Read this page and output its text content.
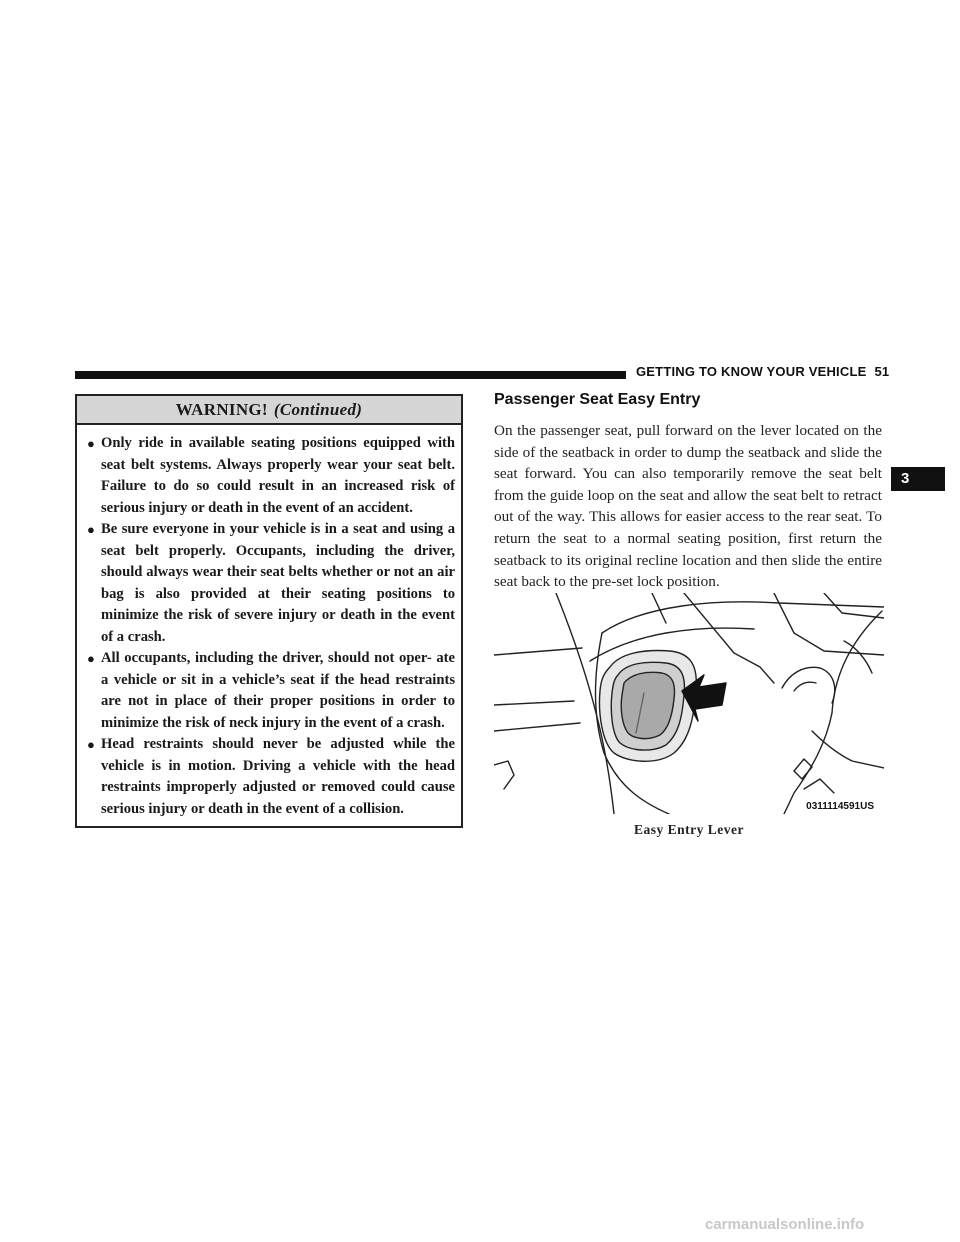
GETTING TO KNOW YOUR VEHICLE 51
3
WARNING! (Continued)
● Only ride in available seating positions equipped with seat belt systems. Always properly wear your seat belt. Failure to do so could result in an increased risk of serious injury or death in the event of an accident.
● Be sure everyone in your vehicle is in a seat and using a seat belt properly. Occupants, including the driver, should always wear their seat belts whether or not an air bag is also provided at their seating positions to minimize the risk of severe injury or death in the event of a crash.
● All occupants, including the driver, should not oper- ate a vehicle or sit in a vehicle’s seat if the head restraints are not in place of their proper positions in order to minimize the risk of neck injury in the event of a crash.
● Head restraints should never be adjusted while the vehicle is in motion. Driving a vehicle with the head restraints improperly adjusted or removed could cause serious injury or death in the event of a collision.
Passenger Seat Easy Entry
On the passenger seat, pull forward on the lever located on the side of the seatback in order to dump the seatback and slide the seat forward. You can also temporarily remove the seat belt from the guide loop on the seat and allow the seat belt to retract out of the way. This allows for easier access to the rear seat. To return the seat to a normal seating position, first return the seatback to its original recline location and then slide the entire seat back to the pre-set lock position.
0311114591US
Easy Entry Lever
carmanualsonline.info
